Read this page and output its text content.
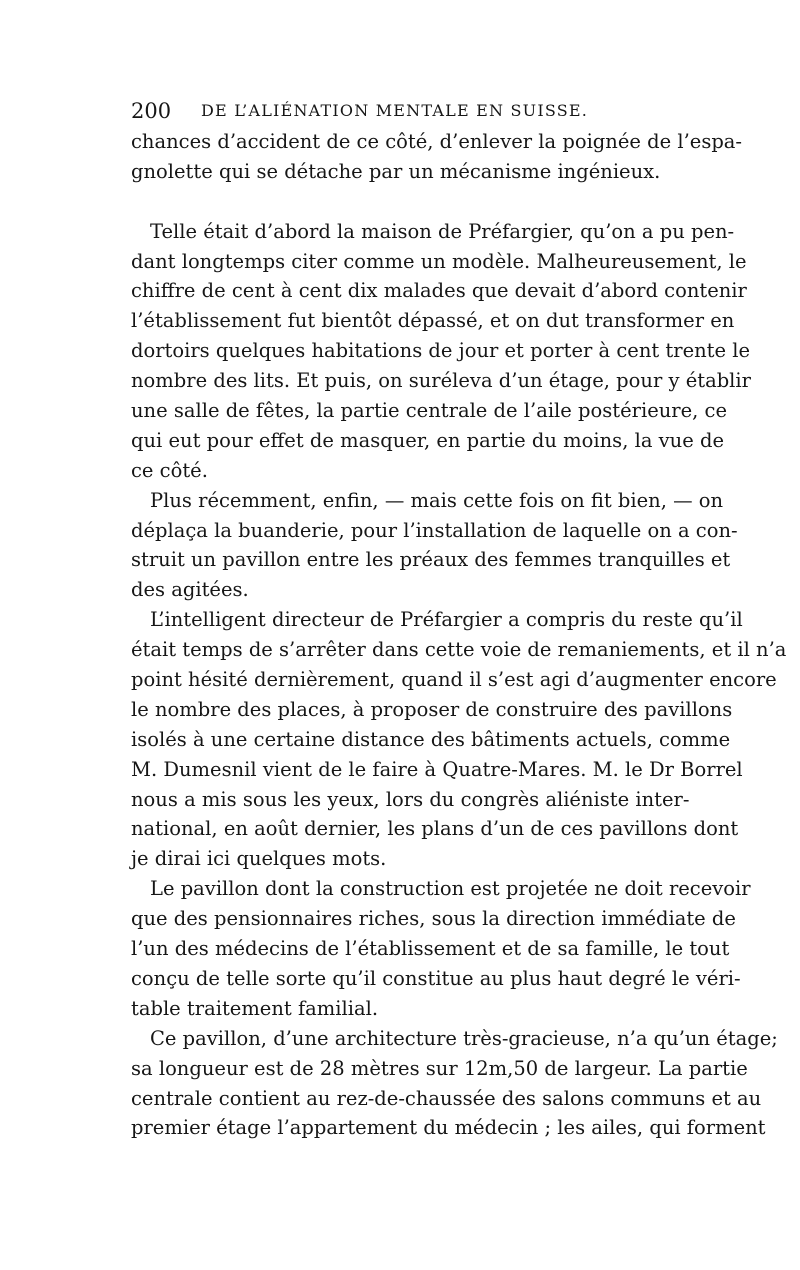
200 DE L’ALIÉNATION MENTALE EN SUISSE.
chances d’accident de ce côté, d’enlever la poignée de l’espa-
gnolette qui se détache par un mécanisme ingénieux.
Telle était d’abord la maison de Préfargier, qu’on a pu pen-
dant longtemps citer comme un modèle. Malheureusement, le
chiffre de cent à cent dix malades que devait d’abord contenir
l’établissement fut bientôt dépassé, et on dut transformer en
dortoirs quelques habitations de jour et porter à cent trente le
nombre des lits. Et puis, on suréleva d’un étage, pour y établir
une salle de fêtes, la partie centrale de l’aile postérieure, ce
qui eut pour effet de masquer, en partie du moins, la vue de
ce côté.
Plus récemment, enfin, — mais cette fois on fit bien, — on
déplaça la buanderie, pour l’installation de laquelle on a con-
struit un pavillon entre les préaux des femmes tranquilles et
des agitées.
L’intelligent directeur de Préfargier a compris du reste qu’il
était temps de s’arrêter dans cette voie de remaniements, et il n’a
point hésité dernièrement, quand il s’est agi d’augmenter encore
le nombre des places, à proposer de construire des pavillons
isolés à une certaine distance des bâtiments actuels, comme
M. Dumesnil vient de le faire à Quatre-Mares. M. le Dr Borrel
nous a mis sous les yeux, lors du congrès aliéniste inter-
national, en août dernier, les plans d’un de ces pavillons dont
je dirai ici quelques mots.
Le pavillon dont la construction est projetée ne doit recevoir
que des pensionnaires riches, sous la direction immédiate de
l’un des médecins de l’établissement et de sa famille, le tout
conçu de telle sorte qu’il constitue au plus haut degré le véri-
table traitement familial.
Ce pavillon, d’une architecture très-gracieuse, n’a qu’un étage;
sa longueur est de 28 mètres sur 12m,50 de largeur. La partie
centrale contient au rez-de-chaussée des salons communs et au
premier étage l’appartement du médecin ; les ailes, qui forment
